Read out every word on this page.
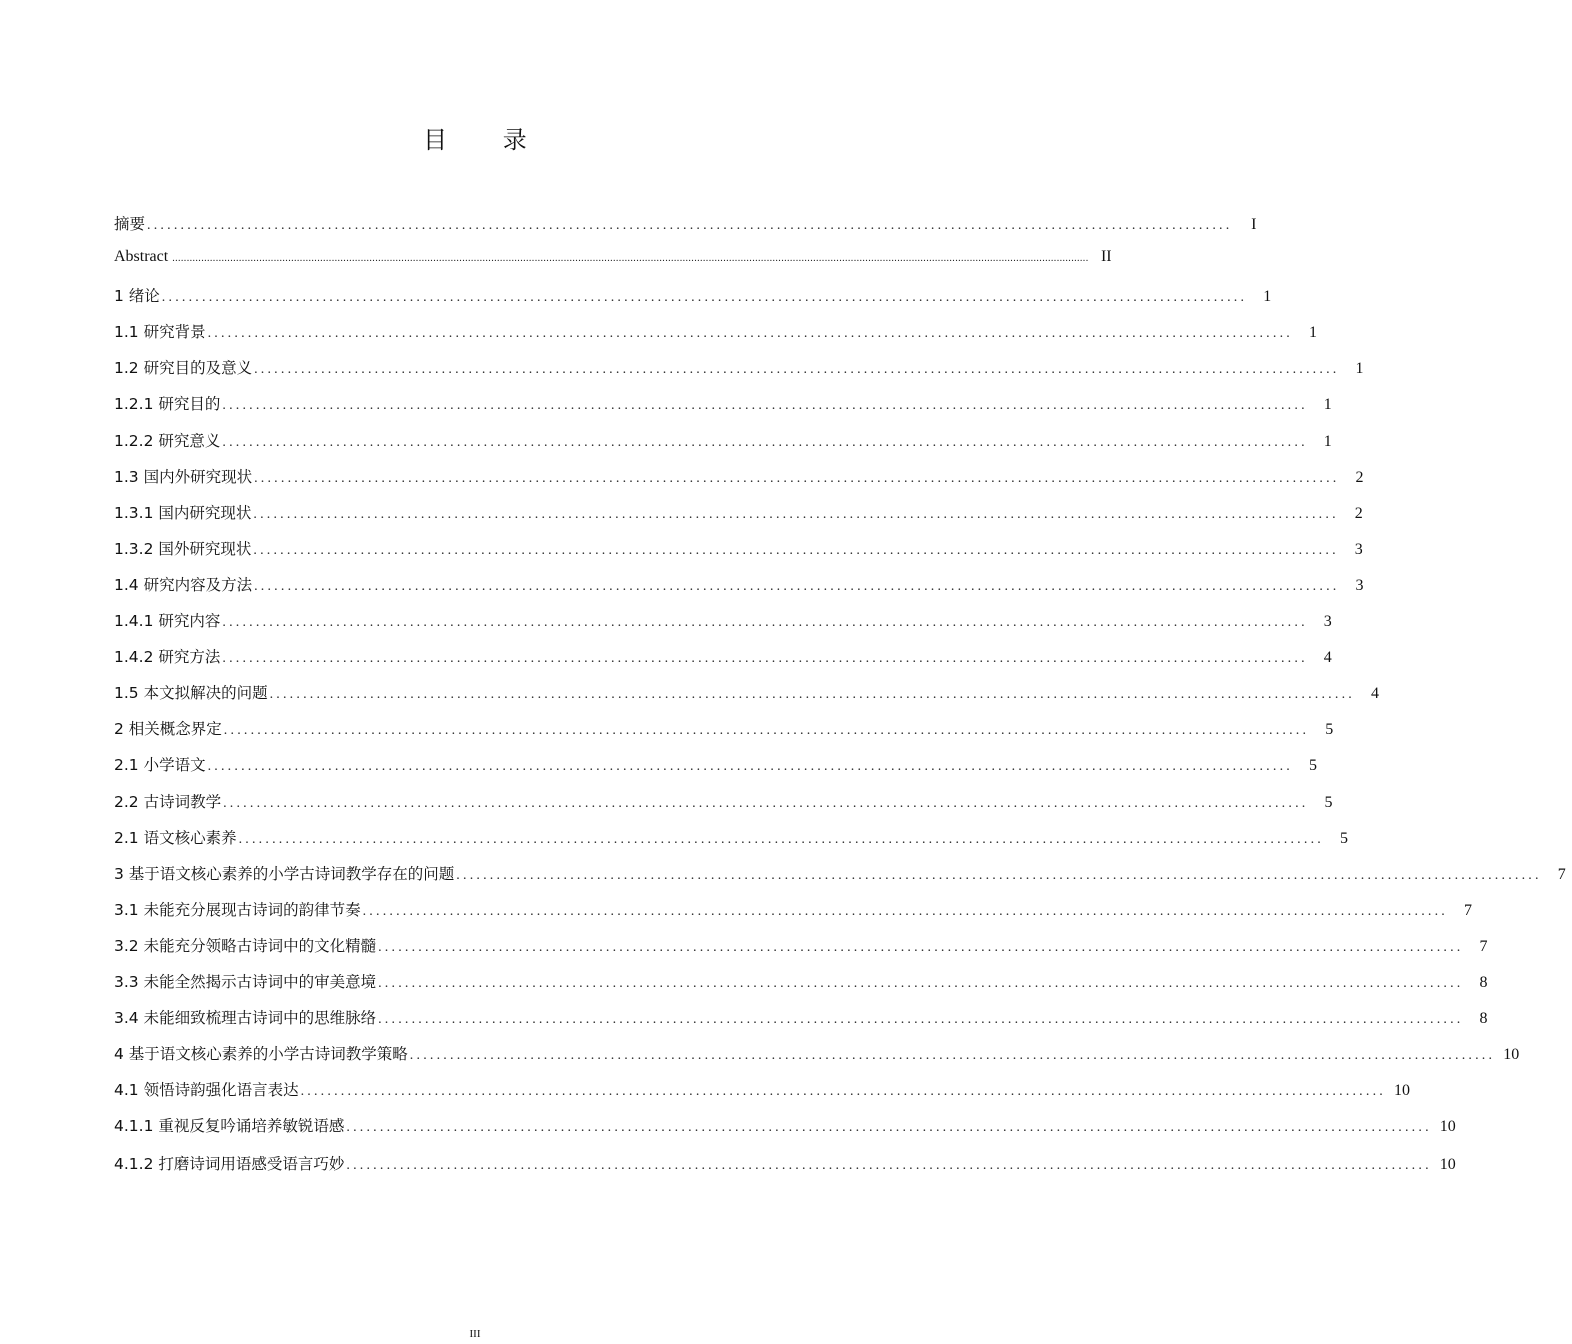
目 录
摘要 ..................................................................................................................................................................	I
Abstract ............................................................................................................................................................................................................................................................................................................................ II
1 绪论 ..................................................................................................................................................................	1
1.1 研究背景 ..................................................................................................................................................................	1
1.2 研究目的及意义 ..................................................................................................................................................................	1
1.2.1 研究目的 ..................................................................................................................................................................	1
1.2.2 研究意义 ..................................................................................................................................................................	1
1.3 国内外研究现状 ..................................................................................................................................................................	2
1.3.1 国内研究现状 ..................................................................................................................................................................	2
1.3.2 国外研究现状 ..................................................................................................................................................................	3
1.4 研究内容及方法 ..................................................................................................................................................................	3
1.4.1 研究内容 ..................................................................................................................................................................	3
1.4.2 研究方法 ..................................................................................................................................................................	4
1.5 本文拟解决的问题 ..................................................................................................................................................................	4
2 相关概念界定 ..................................................................................................................................................................	5
2.1 小学语文 ..................................................................................................................................................................	5
2.2 古诗词教学 ..................................................................................................................................................................	5
2.1 语文核心素养 ..................................................................................................................................................................	5
3 基于语文核心素养的小学古诗词教学存在的问题 ..................................................................................................................................................................	7
3.1 未能充分展现古诗词的韵律节奏 ..................................................................................................................................................................	7
3.2 未能充分领略古诗词中的文化精髓 ..................................................................................................................................................................	7
3.3 未能全然揭示古诗词中的审美意境 ..................................................................................................................................................................	8
3.4 未能细致梳理古诗词中的思维脉络 ..................................................................................................................................................................	8
4 基于语文核心素养的小学古诗词教学策略 .................................................................................................................................................................. 10
4.1 领悟诗韵强化语言表达 .................................................................................................................................................................. 10
4.1.1 重视反复吟诵培养敏锐语感 .................................................................................................................................................................. 10
4.1.2 打磨诗词用语感受语言巧妙 .................................................................................................................................................................. 10
III
